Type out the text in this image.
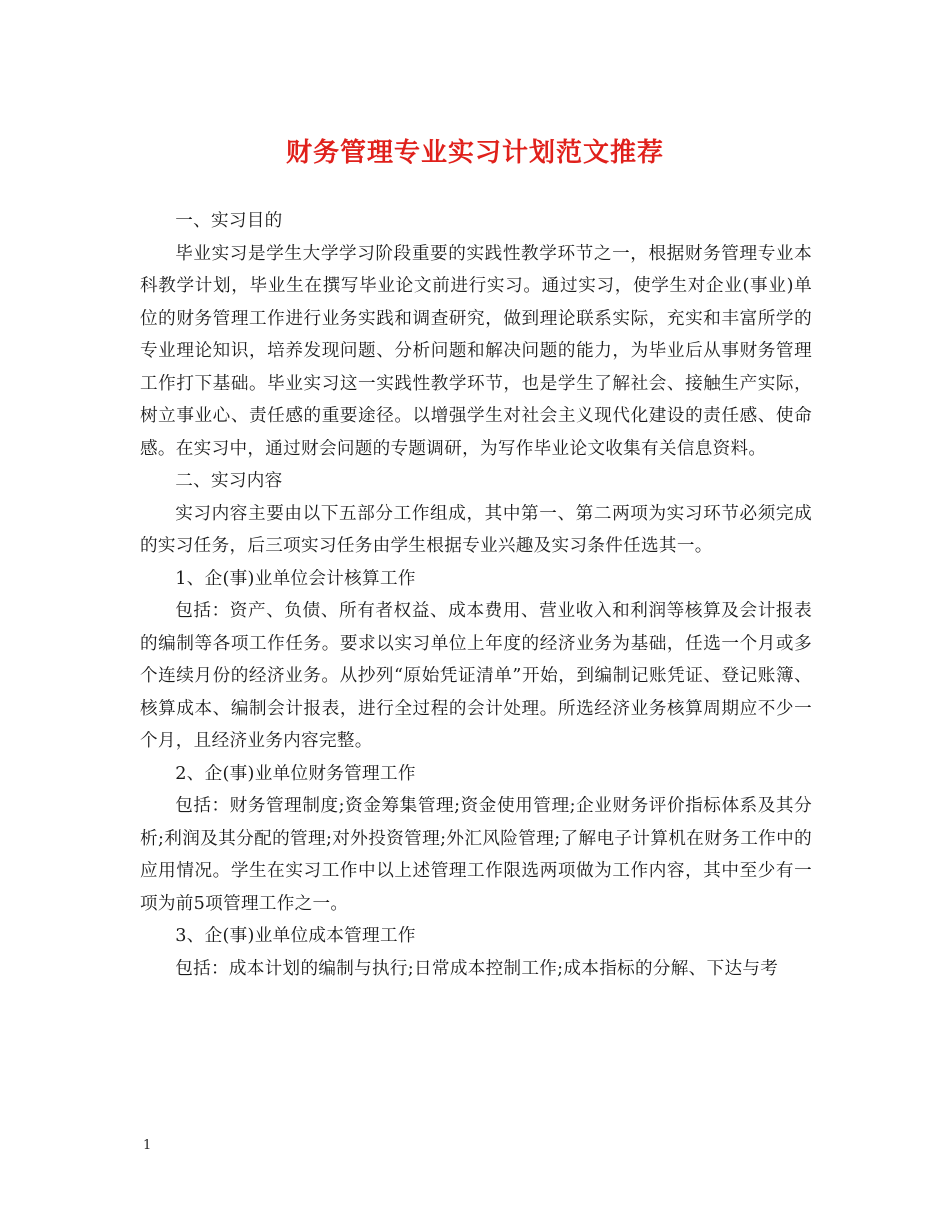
财务管理专业实习计划范文推荐

一、实习目的

毕业实习是学生大学学习阶段重要的实践性教学环节之一，根据财务管理专业本科教学计划，毕业生在撰写毕业论文前进行实习。通过实习，使学生对企业(事业)单位的财务管理工作进行业务实践和调查研究，做到理论联系实际，充实和丰富所学的专业理论知识，培养发现问题、分析问题和解决问题的能力，为毕业后从事财务管理工作打下基础。毕业实习这一实践性教学环节，也是学生了解社会、接触生产实际，树立事业心、责任感的重要途径。以增强学生对社会主义现代化建设的责任感、使命感。在实习中，通过财会问题的专题调研，为写作毕业论文收集有关信息资料。

二、实习内容

实习内容主要由以下五部分工作组成，其中第一、第二两项为实习环节必须完成的实习任务，后三项实习任务由学生根据专业兴趣及实习条件任选其一。

1、企(事)业单位会计核算工作

包括：资产、负债、所有者权益、成本费用、营业收入和利润等核算及会计报表的编制等各项工作任务。要求以实习单位上年度的经济业务为基础，任选一个月或多个连续月份的经济业务。从抄列“原始凭证清单”开始，到编制记账凭证、登记账簿、核算成本、编制会计报表，进行全过程的会计处理。所选经济业务核算周期应不少一个月，且经济业务内容完整。

2、企(事)业单位财务管理工作

包括：财务管理制度;资金筹集管理;资金使用管理;企业财务评价指标体系及其分析;利润及其分配的管理;对外投资管理;外汇风险管理;了解电子计算机在财务工作中的应用情况。学生在实习工作中以上述管理工作限选两项做为工作内容，其中至少有一项为前5项管理工作之一。

3、企(事)业单位成本管理工作

包括：成本计划的编制与执行;日常成本控制工作;成本指标的分解、下达与考

1
